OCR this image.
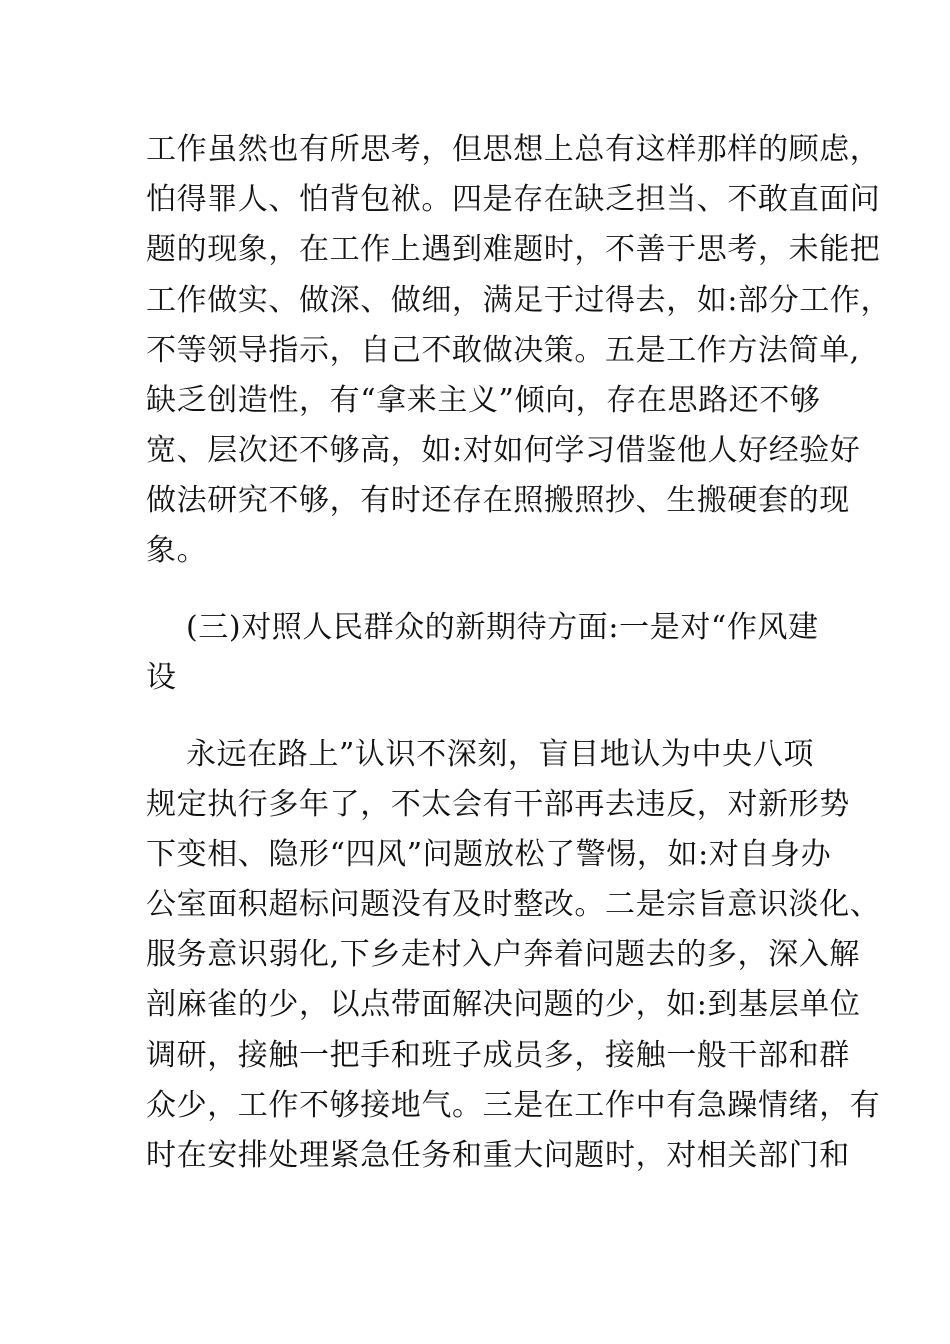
工作虽然也有所思考，但思想上总有这样那样的顾虑，
怕得罪人、怕背包袱。四是存在缺乏担当、不敢直面问
题的现象，在工作上遇到难题时，不善于思考，未能把
工作做实、做深、做细，满足于过得去，如:部分工作，
不等领导指示，自己不敢做决策。五是工作方法简单,
缺乏创造性，有“拿来主义”倾向，存在思路还不够
宽、层次还不够高，如:对如何学习借鉴他人好经验好
做法研究不够，有时还存在照搬照抄、生搬硬套的现
象。
(三)对照人民群众的新期待方面:一是对“作风建
设
永远在路上”认识不深刻，盲目地认为中央八项
规定执行多年了，不太会有干部再去违反，对新形势
下变相、隐形“四风”问题放松了警惕，如:对自身办
公室面积超标问题没有及时整改。二是宗旨意识淡化、
服务意识弱化,下乡走村入户奔着问题去的多，深入解
剖麻雀的少，以点带面解决问题的少，如:到基层单位
调研，接触一把手和班子成员多，接触一般干部和群
众少，工作不够接地气。三是在工作中有急躁情绪，有
时在安排处理紧急任务和重大问题时，对相关部门和
